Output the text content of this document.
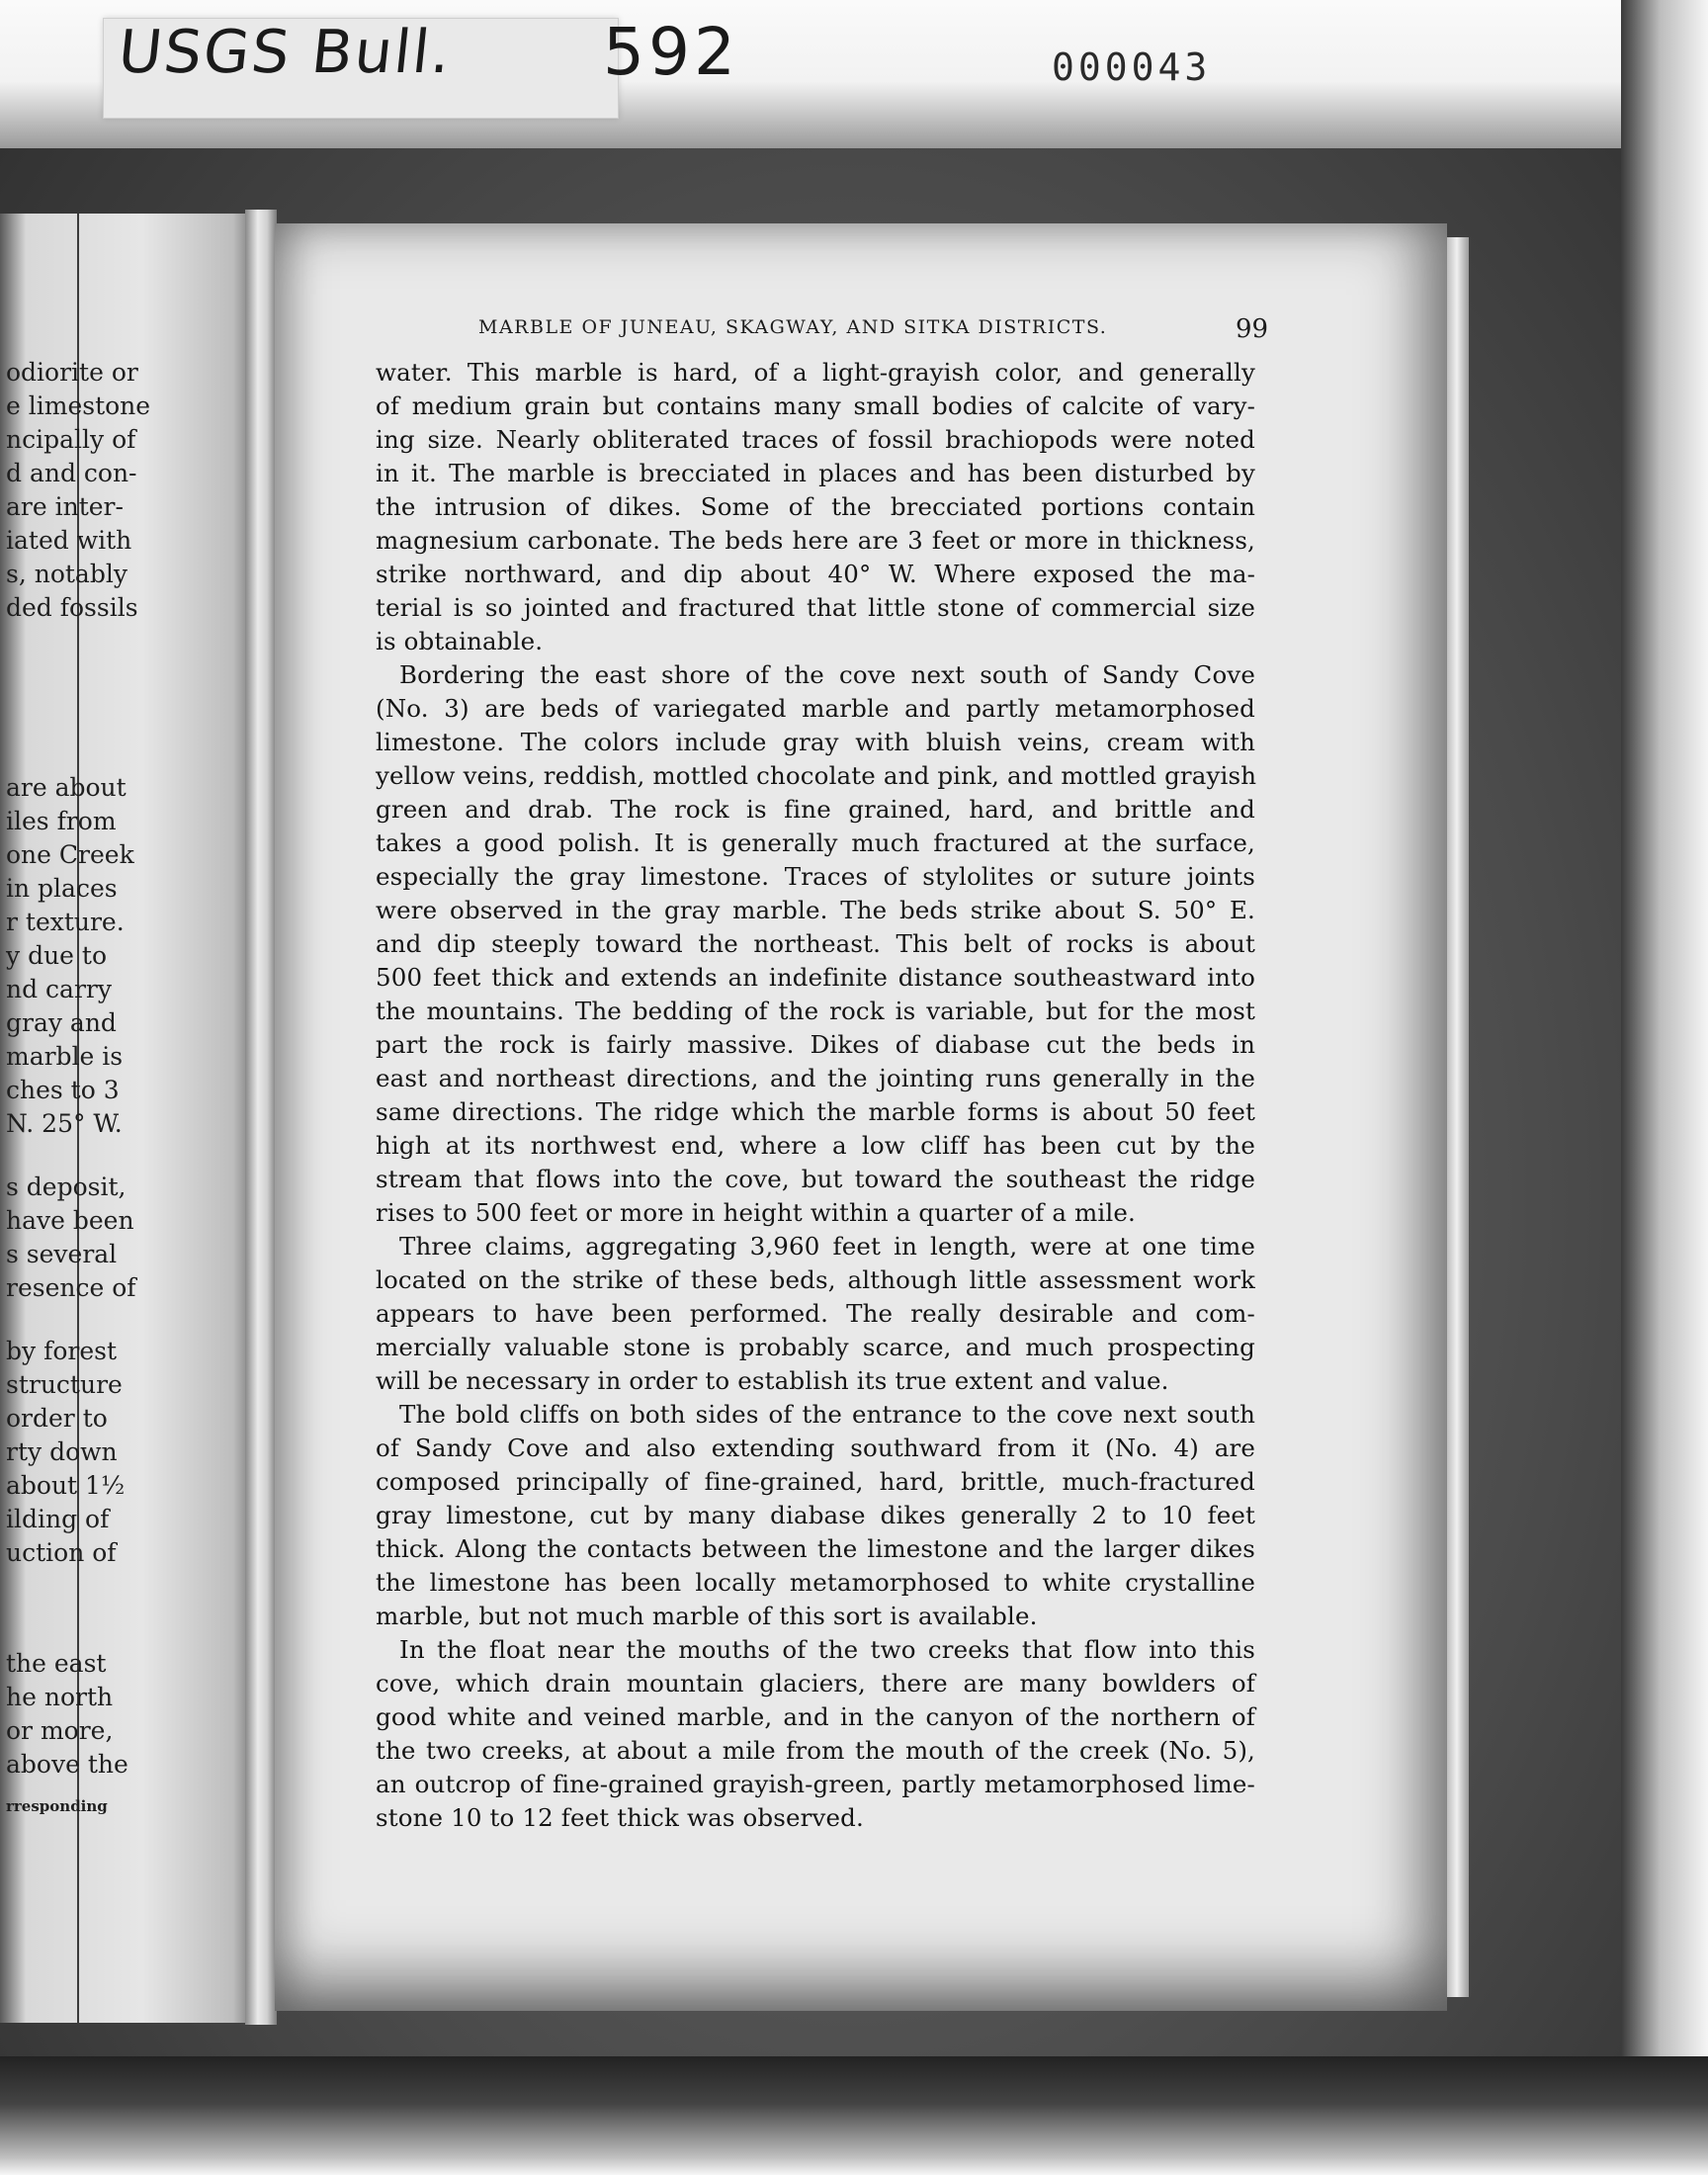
USGS Bull. 592	000043
odiorite or
e limestone
ncipally of
d and con-
are inter-
iated with
s, notably
ded fossils
are about
iles from
one Creek
in places
r texture.
y due to
nd carry
gray and
marble is
ches to 3
N. 25° W.
s deposit,
have been
s several
resence of
by forest
structure
order to
rty down
about 1½
ilding of
uction of
the east
he north
or more,
above the
rresponding
MARBLE OF JUNEAU, SKAGWAY, AND SITKA DISTRICTS.	99
water. This marble is hard, of a light-grayish color, and generally
of medium grain but contains many small bodies of calcite of vary-
ing size. Nearly obliterated traces of fossil brachiopods were noted
in it. The marble is brecciated in places and has been disturbed by
the intrusion of dikes. Some of the brecciated portions contain
magnesium carbonate. The beds here are 3 feet or more in thickness,
strike northward, and dip about 40° W. Where exposed the ma-
terial is so jointed and fractured that little stone of commercial size
is obtainable.
Bordering the east shore of the cove next south of Sandy Cove
(No. 3) are beds of variegated marble and partly metamorphosed
limestone. The colors include gray with bluish veins, cream with
yellow veins, reddish, mottled chocolate and pink, and mottled grayish
green and drab. The rock is fine grained, hard, and brittle and
takes a good polish. It is generally much fractured at the surface,
especially the gray limestone. Traces of stylolites or suture joints
were observed in the gray marble. The beds strike about S. 50° E.
and dip steeply toward the northeast. This belt of rocks is about
500 feet thick and extends an indefinite distance southeastward into
the mountains. The bedding of the rock is variable, but for the most
part the rock is fairly massive. Dikes of diabase cut the beds in
east and northeast directions, and the jointing runs generally in the
same directions. The ridge which the marble forms is about 50 feet
high at its northwest end, where a low cliff has been cut by the
stream that flows into the cove, but toward the southeast the ridge
rises to 500 feet or more in height within a quarter of a mile.
Three claims, aggregating 3,960 feet in length, were at one time
located on the strike of these beds, although little assessment work
appears to have been performed. The really desirable and com-
mercially valuable stone is probably scarce, and much prospecting
will be necessary in order to establish its true extent and value.
The bold cliffs on both sides of the entrance to the cove next south
of Sandy Cove and also extending southward from it (No. 4) are
composed principally of fine-grained, hard, brittle, much-fractured
gray limestone, cut by many diabase dikes generally 2 to 10 feet
thick. Along the contacts between the limestone and the larger dikes
the limestone has been locally metamorphosed to white crystalline
marble, but not much marble of this sort is available.
In the float near the mouths of the two creeks that flow into this
cove, which drain mountain glaciers, there are many bowlders of
good white and veined marble, and in the canyon of the northern of
the two creeks, at about a mile from the mouth of the creek (No. 5),
an outcrop of fine-grained grayish-green, partly metamorphosed lime-
stone 10 to 12 feet thick was observed.
